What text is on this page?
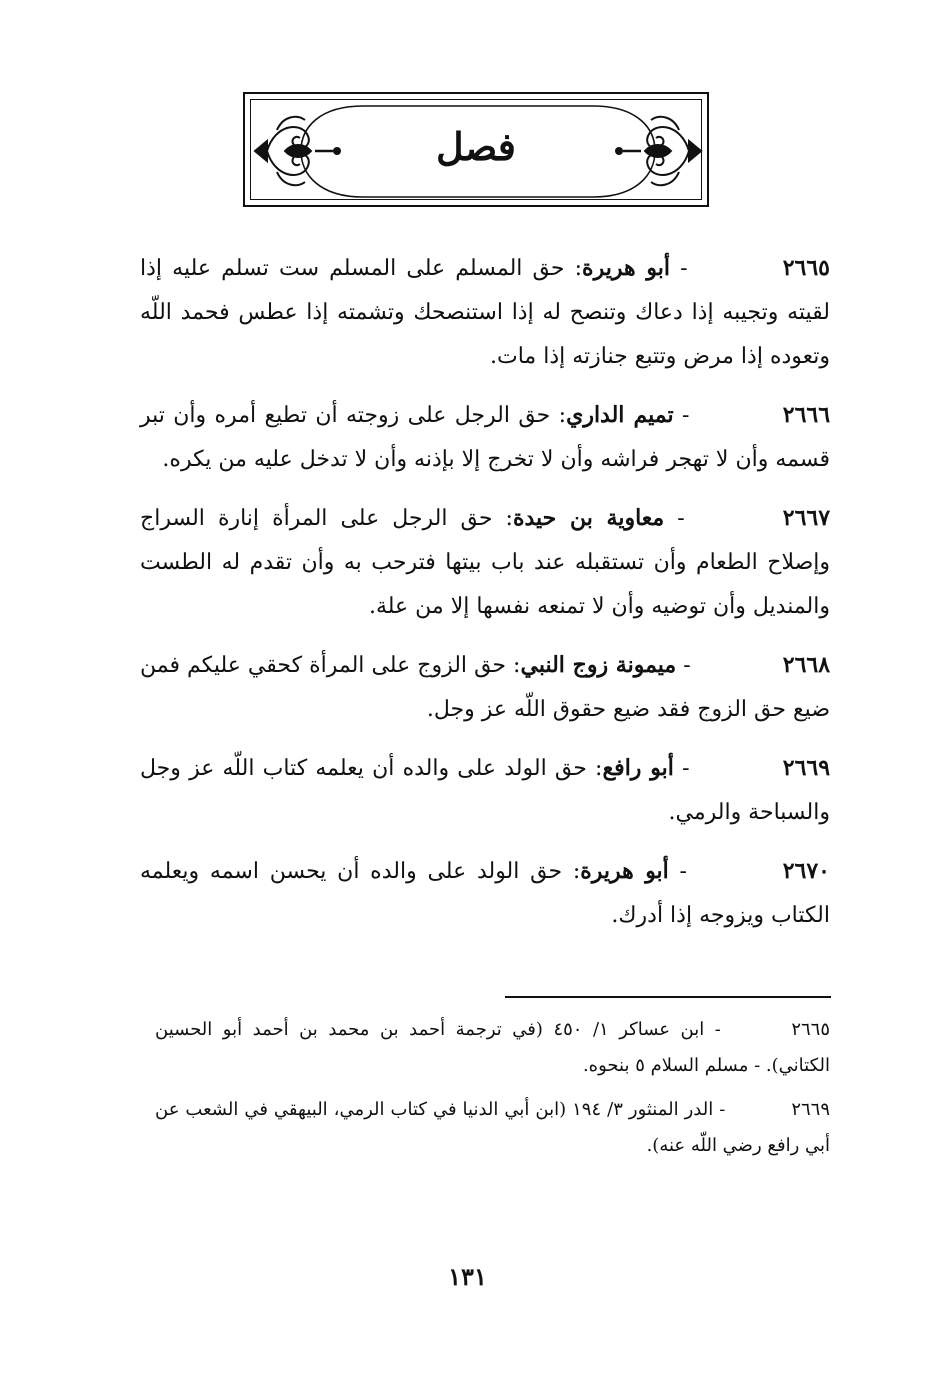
فصل

٢٦٦٥ - أبو هريرة: حق المسلم على المسلم ست تسلم عليه إذا لقيته وتجيبه إذا دعاك وتنصح له إذا استنصحك وتشمته إذا عطس فحمد اللّه وتعوده إذا مرض وتتبع جنازته إذا مات.

٢٦٦٦ - تميم الداري: حق الرجل على زوجته أن تطيع أمره وأن تبر قسمه وأن لا تهجر فراشه وأن لا تخرج إلا بإذنه وأن لا تدخل عليه من يكره.

٢٦٦٧ - معاوية بن حيدة: حق الرجل على المرأة إنارة السراج وإصلاح الطعام وأن تستقبله عند باب بيتها فترحب به وأن تقدم له الطست والمنديل وأن توضيه وأن لا تمنعه نفسها إلا من علة.

٢٦٦٨ - ميمونة زوج النبي: حق الزوج على المرأة كحقي عليكم فمن ضيع حق الزوج فقد ضيع حقوق اللّه عز وجل.

٢٦٦٩ - أبو رافع: حق الولد على والده أن يعلمه كتاب اللّه عز وجل والسباحة والرمي.

٢٦٧٠ - أبو هريرة: حق الولد على والده أن يحسن اسمه ويعلمه الكتاب ويزوجه إذا أدرك.

٢٦٦٥ - ابن عساكر ١/ ٤٥٠ (في ترجمة أحمد بن محمد بن أحمد أبو الحسين الكتاني). - مسلم السلام ٥ بنحوه.

٢٦٦٩ - الدر المنثور ٣/ ١٩٤ (ابن أبي الدنيا في كتاب الرمي، البيهقي في الشعب عن أبي رافع رضي اللّه عنه).

١٣١
